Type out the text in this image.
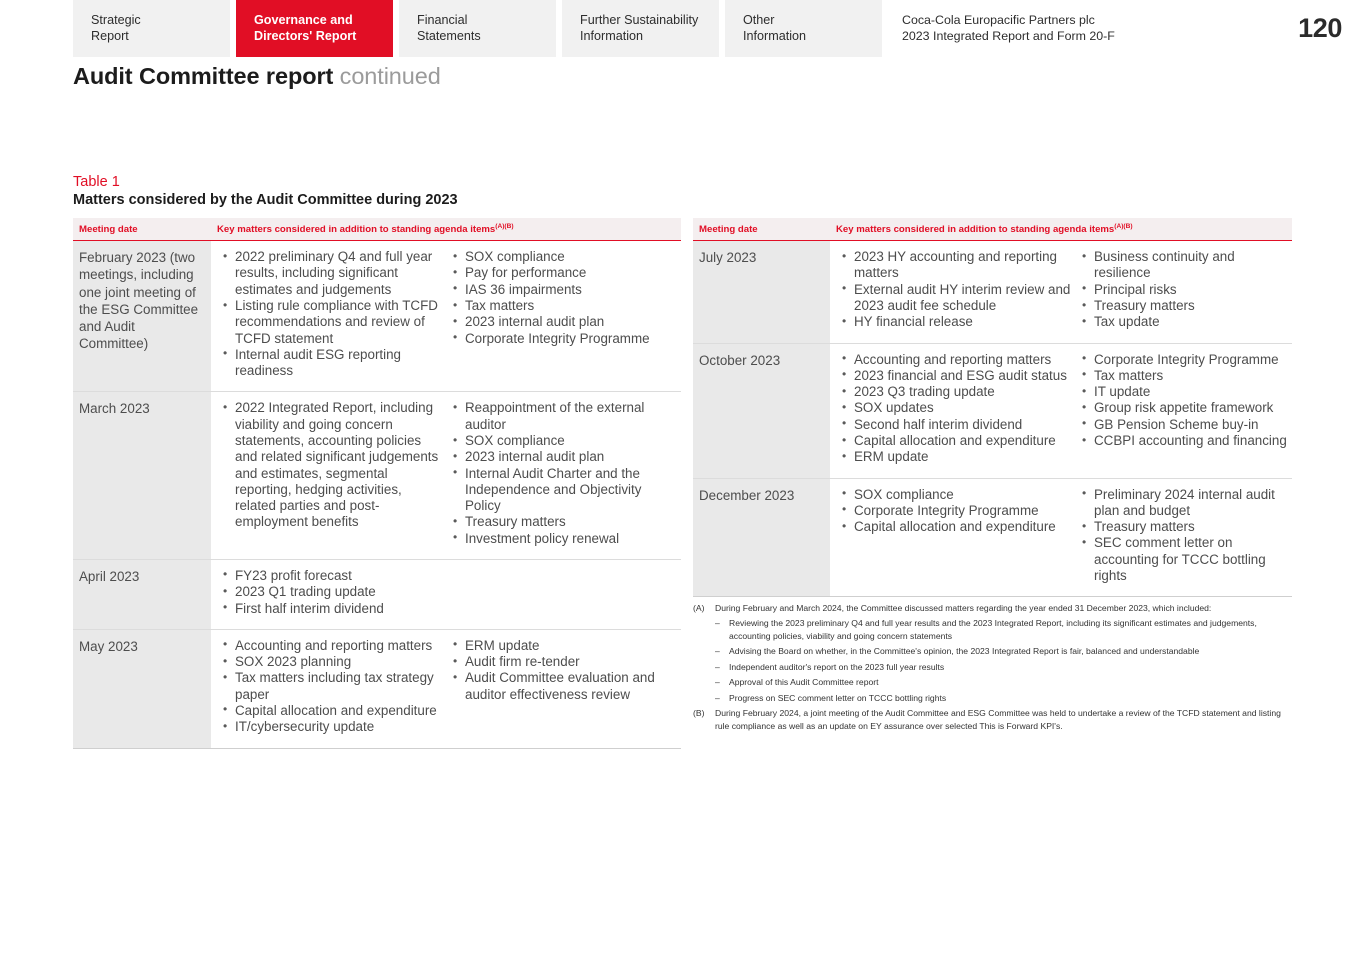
Strategic
Report
Governance and
Directors' Report
Financial
Statements
Further Sustainability
Information
Other
Information
Coca-Cola Europacific Partners plc
2023 Integrated Report and Form 20-F	120
Audit Committee report continued
Table 1
Matters considered by the Audit Committee during 2023
Meeting date	Key matters considered in addition to standing agenda items$^{(A)(B)}$
February 2023 (two meetings, including one joint meeting of the ESG Committee and Audit Committee)	
• 2022 preliminary Q4 and full year results, including significant estimates and judgements
• Listing rule compliance with TCFD recommendations and review of TCFD statement
• Internal audit ESG reporting readiness
• SOX compliance
• Pay for performance
• IAS 36 impairments
• Tax matters
• 2023 internal audit plan
• Corporate Integrity Programme

March 2023	
•2022 Integrated Report, including viability and going concern statements, accounting policies and related significant judgements and estimates, segmental reporting, hedging activities, related parties and post-employment benefits
• Reappointment of the external auditor
• SOX compliance
• 2023 internal audit plan
• Internal Audit Charter and the Independence and Objectivity Policy
• Treasury matters
• Investment policy renewal

April 2023	
•FY23 profit forecast
• 2023 Q1 trading update
• First half interim dividend

May 2023	
•Accounting and reporting matters
• SOX 2023 planning
• Tax matters including tax strategy paper
• Capital allocation and expenditure
• IT/cybersecurity update
• ERM update
• Audit firm re-tender
• Audit Committee evaluation and auditor effectiveness review
Meeting date	Key matters considered in addition to standing agenda items$^{(A)(B)}$
July 2023	
•2023 HY accounting and reporting matters
• External audit HY interim review and 2023 audit fee schedule
• HY financial release
• Business continuity and resilience
• Principal risks
• Treasury matters
• Tax update

October 2023	
•Accounting and reporting matters
• 2023 financial and ESG audit status
• 2023 Q3 trading update
• SOX updates
• Second half interim dividend
• Capital allocation and expenditure
• ERM update
• Corporate Integrity Programme
• Tax matters
• IT update
• Group risk appetite framework
• GB Pension Scheme buy-in
• CCBPI accounting and financing

December 2023	
•SOX compliance
• Corporate Integrity Programme
• Capital allocation and expenditure
• Preliminary 2024 internal audit plan and budget
• Treasury matters
• SEC comment letter on accounting for TCCC bottling rights
(A)	During February and March 2024, the Committee discussed matters regarding the year ended 31 December 2023, which included:
–	Reviewing the 2023 preliminary Q4 and full year results and the 2023 Integrated Report, including its significant estimates and judgements, accounting policies, viability and going concern statements
–	Advising the Board on whether, in the Committee's opinion, the 2023 Integrated Report is fair, balanced and understandable
–	Independent auditor's report on the 2023 full year results
–	Approval of this Audit Committee report
–	Progress on SEC comment letter on TCCC bottling rights
(B)	During February 2024, a joint meeting of the Audit Committee and ESG Committee was held to undertake a review of the TCFD statement and listing rule compliance as well as an update on EY assurance over selected This is Forward KPI's.
